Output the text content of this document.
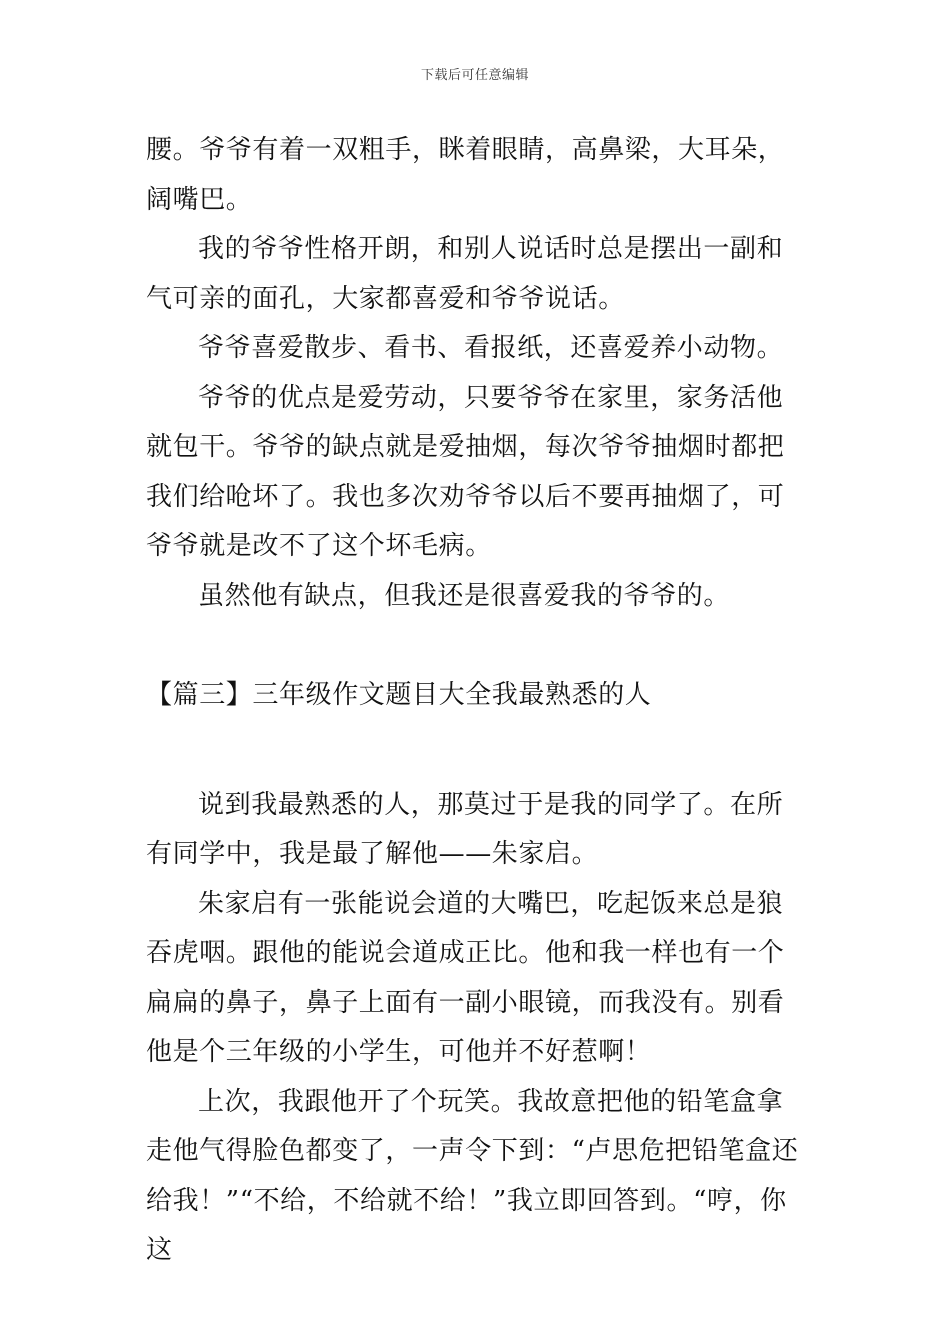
下载后可任意编辑

腰。爷爷有着一双粗手，眯着眼睛，高鼻梁，大耳朵，阔嘴巴。

我的爷爷性格开朗，和别人说话时总是摆出一副和气可亲的面孔，大家都喜爱和爷爷说话。

爷爷喜爱散步、看书、看报纸，还喜爱养小动物。

爷爷的优点是爱劳动，只要爷爷在家里，家务活他就包干。爷爷的缺点就是爱抽烟，每次爷爷抽烟时都把我们给呛坏了。我也多次劝爷爷以后不要再抽烟了，可爷爷就是改不了这个坏毛病。

虽然他有缺点，但我还是很喜爱我的爷爷的。

【篇三】三年级作文题目大全我最熟悉的人

说到我最熟悉的人，那莫过于是我的同学了。在所有同学中，我是最了解他——朱家启。

朱家启有一张能说会道的大嘴巴，吃起饭来总是狼吞虎咽。跟他的能说会道成正比。他和我一样也有一个扁扁的鼻子，鼻子上面有一副小眼镜，而我没有。别看他是个三年级的小学生，可他并不好惹啊！

上次，我跟他开了个玩笑。我故意把他的铅笔盒拿走他气得脸色都变了，一声令下到：“卢思危把铅笔盒还给我！”“不给，不给就不给！”我立即回答到。“哼，你这
